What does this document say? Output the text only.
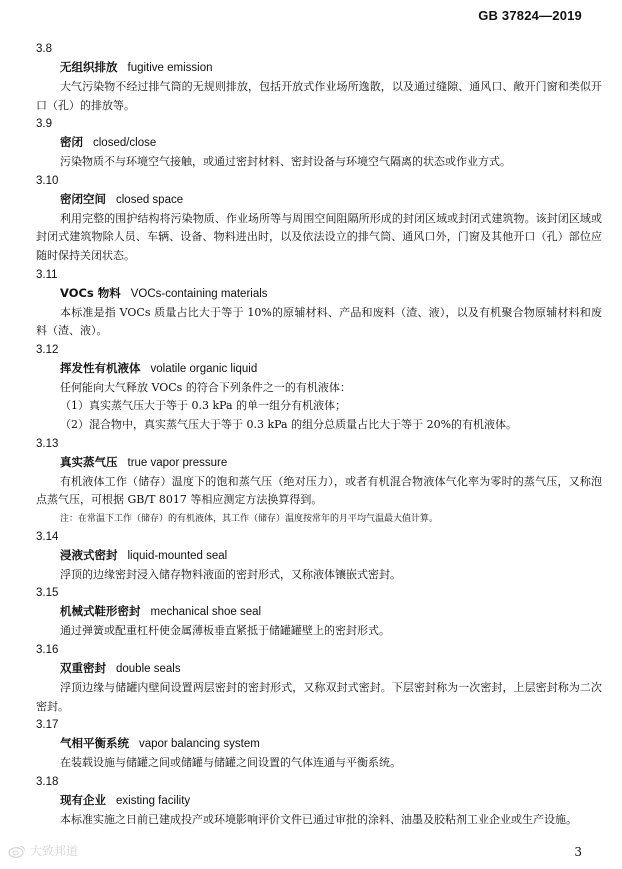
GB 37824—2019
3.8
无组织排放 fugitive emission

大气污染物不经过排气筒的无规则排放，包括开放式作业场所逸散，以及通过缝隙、通风口、敞开门窗和类似开口（孔）的排放等。

3.9
密闭 closed/close

污染物质不与环境空气接触，或通过密封材料、密封设备与环境空气隔离的状态或作业方式。

3.10
密闭空间 closed space

利用完整的围护结构将污染物质、作业场所等与周围空间阻隔所形成的封闭区域或封闭式建筑物。该封闭区域或封闭式建筑物除人员、车辆、设备、物料进出时，以及依法设立的排气筒、通风口外，门窗及其他开口（孔）部位应随时保持关闭状态。

3.11
VOCs 物料 VOCs-containing materials

本标准是指 VOCs 质量占比大于等于 10%的原辅材料、产品和废料（渣、液），以及有机聚合物原辅材料和废料（渣、液）。

3.12
挥发性有机液体 volatile organic liquid

任何能向大气释放 VOCs 的符合下列条件之一的有机液体：

（1）真实蒸气压大于等于 0.3 kPa 的单一组分有机液体；

（2）混合物中，真实蒸气压大于等于 0.3 kPa 的组分总质量占比大于等于 20%的有机液体。

3.13
真实蒸气压 true vapor pressure

有机液体工作（储存）温度下的饱和蒸气压（绝对压力），或者有机混合物液体气化率为零时的蒸气压，又称泡点蒸气压，可根据 GB/T 8017 等相应测定方法换算得到。

注：在常温下工作（储存）的有机液体，其工作（储存）温度按常年的月平均气温最大值计算。

3.14
浸液式密封 liquid-mounted seal

浮顶的边缘密封浸入储存物料液面的密封形式，又称液体镶嵌式密封。

3.15
机械式鞋形密封 mechanical shoe seal

通过弹簧或配重杠杆使金属薄板垂直紧抵于储罐罐壁上的密封形式。

3.16
双重密封 double seals

浮顶边缘与储罐内壁间设置两层密封的密封形式，又称双封式密封。下层密封称为一次密封，上层密封称为二次密封。

3.17
气相平衡系统 vapor balancing system

在装载设施与储罐之间或储罐与储罐之间设置的气体连通与平衡系统。

3.18
现有企业 existing facility

本标准实施之日前已建成投产或环境影响评价文件已通过审批的涂料、油墨及胶粘剂工业企业或生产设施。

大致邦道	3
